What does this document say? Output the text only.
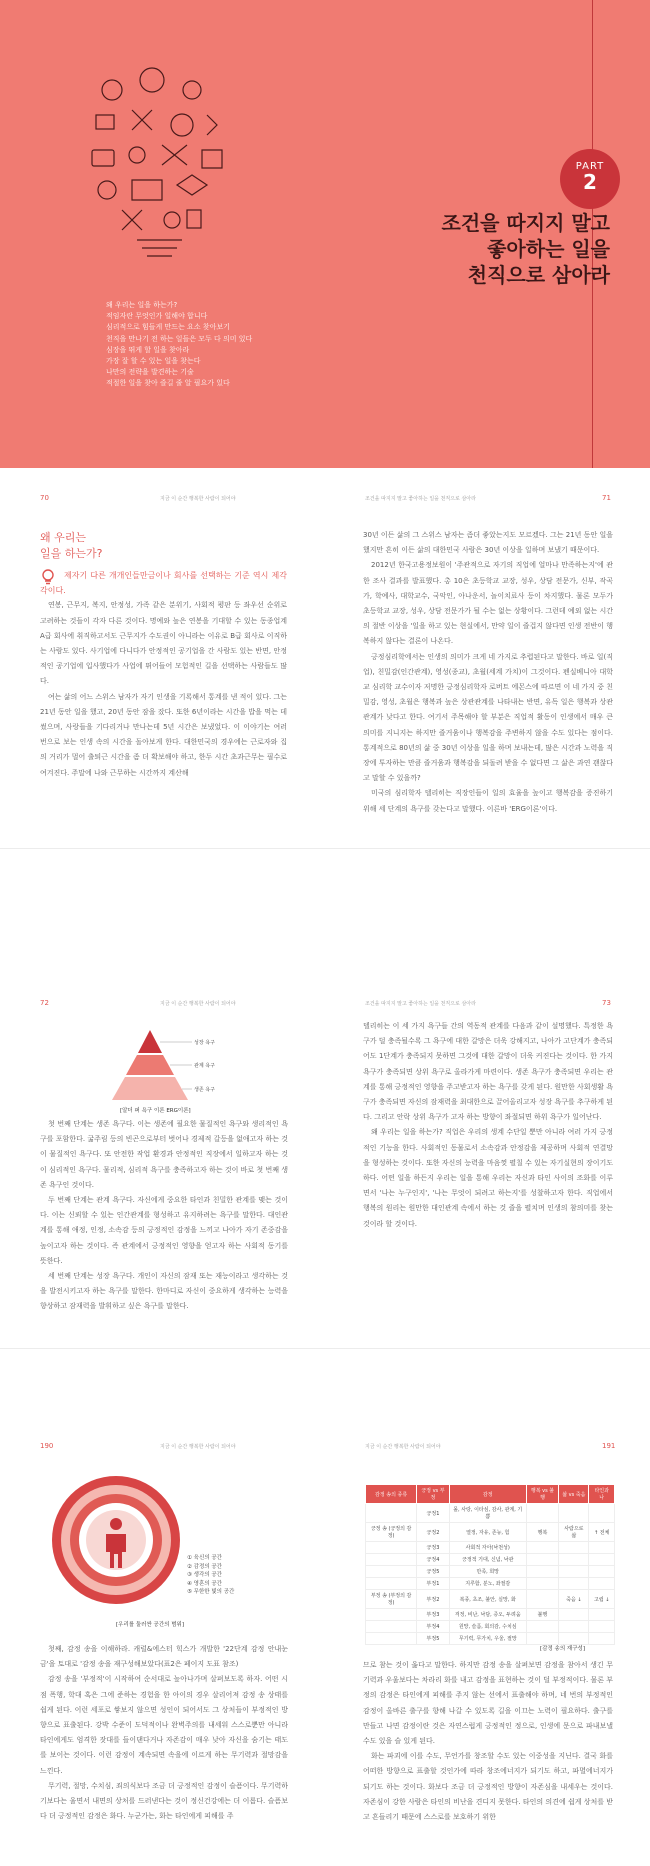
PART
2
조건을 따지지 말고
좋아하는 일을
천직으로 삼아라
왜 우리는 일을 하는가?
적임자란 무엇인가 일해야 합니다
심리적으로 힘들게 만드는 요소 찾아보기
천직을 만나기 전 하는 일들은 모두 다 의미 있다
심장을 뛰게 할 일을 찾아라
가장 잘 할 수 있는 일을 찾는다
나만의 전략을 발견하는 기술
적절한 일을 찾아 즐길 줄 알 필요가 있다
70	지금 이 순간 행복한 사람이 되어야
왜 우리는
일을 하는가?

제자기 다른 개개인들만금이나 회사를 선택하는 기준 역시 제각각이다.

연봉, 근무지, 복지, 안정성, 가족 같은 분위기, 사회적 평판 등 좌우선 순위로 고려하는 것들이 각자 다른 것이다. 명예와 높은 연봉을 기대할 수 있는 동종업계 A급 회사에 취직하고서도 근무지가 수도권이 아니라는 이유로 B급 회사로 이직하는 사람도 있다. 사기업에 다니다가 안정적인 공기업을 간 사람도 있는 반면, 안정적인 공기업에 입사했다가 사업에 뛰어들어 모험적인 길을 선택하는 사람들도 많다.

여는 삶의 어느 스위스 남자가 자기 인생을 기록해서 통계를 낸 적이 있다. 그는 21년 동안 일을 했고, 20년 동안 잠을 잤다. 또한 6년이라는 시간을 밥을 먹는 데 썼으며, 사랑들을 기다리거나 만나는데 5년 시간은 보냈었다. 이 이야기는 여러 번으로 보는 인생 속의 시간을 돌아보게 한다. 대한민국의 경우에는 근로자와 집의 거리가 멀어 출퇴근 시간을 좀 더 확보해야 하고, 한두 시간 초과근무는 필수로 여겨진다. 주말에 나와 근무하는 시간까지 계산해

조건을 따지지 말고 좋아하는 일을 천직으로 삼아라	71

30년 이든 삶의 그 스위스 남자는 좀더 좋았는지도 모르겠다. 그는 21년 동안 일을 했지만 흔히 이든 삶의 대한민국 사람은 30년 이상을 일하며 보냈기 때문이다.

2012년 한국고용정보원이 '주관적으로 자기의 직업에 얼마나 만족하는지'에 관한 조사 결과를 발표했다. 총 10은 초등학교 교장, 성우, 상담 전문가, 신부, 작곡가, 학예사, 대학교수, 국악인, 아나운서, 놀이치료사 등이 차지했다. 물론 모두가 초등학교 교장, 성우, 상담 전문가가 될 수는 없는 상황이다. 그런데 예외 없는 시간의 절반 이상을 '일을 하고 있는 현실에서, 만약 일이 즐겁지 않다면 인생 전반이 행복하지 않다는 결론이 나온다.

긍정심리학에서는 인생의 의미가 크게 네 가지로 추렵된다고 말한다. 바로 일(직업), 친밀감(인간관계), 영성(종교), 초월(세계 가치)이 그것이다. 펜실베니아 대학교 심리학 교수이자 저명한 긍정심리학자 로버트 에몬스에 따르면 이 네 가지 중 친밀감, 영성, 초월은 행복과 높은 상관관계를 나타내는 반면, 유독 일은 행복과 상관관계가 낮다고 한다. 여기서 주목해야 할 부분은 직업적 활동이 인생에서 매우 큰 의미를 지니지는 하지만 즐거움이나 행복감을 주변하지 않을 수도 있다는 점이다. 통계적으로 80년의 삶 중 30년 이상을 일을 하며 보내는데, 많은 시간과 노력을 직장에 투자하는 만큼 즐거움과 행복감을 되돌려 받을 수 없다면 그 삶은 과연 괜찮다고 말할 수 있을까?

미국의 심리학자 델리히는 직장인들이 일의 효율을 높이고 행복감을 증진하기 위해 세 단계의 욕구를 갖는다고 말했다. 이른바 'ERG이론'이다.

72	지금 이 순간 행복한 사람이 되어야
성장 욕구
관계 욕구
생존 욕구
[알더 퍼 욕구 이론 ERG이론]

첫 번째 단계는 생존 욕구다. 이는 생존에 필요한 물질적인 욕구와 생리적인 욕구를 포함한다. 굶주림 등의 빈곤으로부터 벗어나 경제적 갈등을 없애고자 하는 것이 물질적인 욕구다. 또 안전한 작업 환경과 안정적인 직장에서 일하고자 하는 것이 심리적인 욕구다. 물리적, 심리적 욕구를 충족하고자 하는 것이 바로 첫 번째 생존 욕구인 것이다.

두 번째 단계는 관계 욕구다. 자신에게 중요한 타인과 친밀한 관계를 맺는 것이다. 이는 신뢰할 수 있는 인간관계를 형성하고 유지하려는 욕구를 말한다. 대인관계를 통해 애정, 인정, 소속감 등의 긍정적인 감정을 느끼고 나아가 자기 존중감을 높이고자 하는 것이다. 즉 관계에서 긍정적인 영향을 얻고자 하는 사회적 동기를 뜻한다.

세 번째 단계는 성장 욕구다. 개인이 자신의 잠재 또는 재능이라고 생각하는 것을 발전시키고자 하는 욕구를 말한다. 한마디로 자신이 중요하게 생각하는 능력을 향상하고 잠재력을 발휘하고 싶은 욕구를 말한다.

조건을 따지지 말고 좋아하는 일을 천직으로 삼아라	73

델리히는 이 세 가지 욕구들 간의 역동적 관계를 다음과 같이 설명했다. 특정한 욕구가 덜 충족될수록 그 욕구에 대한 갈망은 더욱 강해지고, 나아가 고단계가 충족되어도 1단계가 충족되지 못하면 그것에 대한 갈망이 더욱 커진다는 것이다. 한 가지 욕구가 충족되면 상위 욕구로 올라가게 마련이다. 생존 욕구가 충족되면 우리는 관계를 통해 긍정적인 영향을 주고받고자 하는 욕구를 갖게 된다. 원만한 사회생활 욕구가 충족되면 자신의 잠재력을 최대한으로 끌어올리고자 성장 욕구를 추구하게 된다. 그리고 안락 상위 욕구가 고자 하는 방향이 좌절되면 하위 욕구가 일어난다.

왜 우리는 일을 하는가? 직업은 우리의 생계 수단일 뿐만 아니라 여러 가지 긍정적인 기능을 한다. 사회적인 동물로서 소속감과 안정감을 제공하며 사회적 연결망을 형성하는 것이다. 또한 자신의 능력을 마음껏 펼칠 수 있는 자기실현의 장이기도 하다. 어떤 일을 하든지 우리는 일을 통해 우리는 자신과 타인 사이의 조화를 이루면서 '나는 누구인지', '나는 무엇이 되려고 하는지'를 성찰하고자 한다. 직업에서 행복의 원리는 원만한 대인관계 속에서 하는 것 즐을 펼치며 인생의 참의미를 찾는 것이라 할 것이다.

190	지금 이 순간 행복한 사람이 되어야
① 육신의 공간
② 감정의 공간
③ 생각의 공간
④ 영혼의 공간
⑤ 무한한 빛의 공간
[우리를 둘러싼 공간의 범위]

첫째, 감정 송을 이해하라. 캐럴&에스터 힉스가 개발한 '22단계 감정 안내눈금'을 토대로 '감정 송을 재구성해보았다(표2은 페이지 도표 참조)

감정 송을 '부정적'이 시작하여 순서대로 높아나가며 살펴보도록 하자. 어떤 시점 폭행, 학대 혹은 그에 준하는 경험을 한 아이의 경우 살리어져 감정 송 상태를 쉽게 된다. 이런 세포로 쌓보지 않으면 성인이 되어서도 그 상처들이 부정적인 방향으로 표출된다. 강박 수준이 도덕적이나 완벽주의를 내세워 스스로뿐만 아니라 타인에게도 엄격한 잣대를 들이댄다거나 자존감이 매우 낮아 자신을 숨기는 태도를 보이는 것이다. 이런 감정이 계속되면 속을에 이르게 하는 무기력과 절망감을 느낀다.

무기력, 절망, 수치심, 죄의식보다 조금 더 긍정적인 감정이 슬픔이다. 무기력하기보다는 울면서 내면의 상처를 드러낸다는 것이 정신건강에는 더 이롭다. 슬픔보다 더 긍정적인 감정은 화다. 누군가는, 화는 타인에게 피해를 주

지금 이 순간 행복한 사람이 되어야	191
감정 송의 종류	긍정 vs 부정	감정	행복 vs 불행	삶 vs 죽음	타인과 나
	긍정1	몰, 사랑, 이타심, 감사, 관계, 기쁨			
긍정 송 (긍정의 감정)	긍정2	열정, 자유, 존능, 힘	행복	사람으로 삶	↑ 전체
	긍정3	사회적 자아(낙천성)			
	긍정4	긍정적 기대, 신념, 낙관			
	긍정5	만족, 희망			
	부정1	지루함, 분노, 좌절감			
부정 송 (부정의 감정)	부정2	복종, 초조, 불안, 실망, 화		죽음 ↓	고립 ↓
	부정3	걱정, 비난, 낙담, 증오, 두려움	불행		
	부정4	원망, 슬픔, 회의감, 수치심			
	부정5	무기력, 무가치, 우울, 절망			
[감정 송의 재구성]

므로 참는 것이 옳다고 말한다. 하지만 감정 송을 살펴보면 감정을 참아서 생긴 무기력과 우울보다는 차라리 화를 내고 감정을 표현하는 것이 덜 부정적이다. 물론 부정의 감정은 타인에게 피해를 주지 않는 선에서 표출해야 하며, 네 번의 부정적인 감정이 올바른 출구를 향해 나갈 수 있도록 길을 이끄는 노력이 필요하다. 출구를 만들고 나면 감정이란 것은 자연스럽게 긍정적인 정으로, 인생에 문으로 파내보낼 수도 있을 슬 있게 된다.

화는 파괴에 이를 수도, 무언가를 창조할 수도 있는 이중성을 지닌다. 결국 화를 어떠한 방향으로 표출할 것인가에 따라 창조에너지가 되기도 하고, 파멸에너지가 되기도 하는 것이다. 화보다 조금 더 긍정적인 방향이 자존심을 내세우는 것이다. 자존심이 강한 사람은 타인의 비난을 견디지 못한다. 타인의 의견에 쉽게 상처를 받고 흔들리기 때문에 스스로를 보호하기 위한
